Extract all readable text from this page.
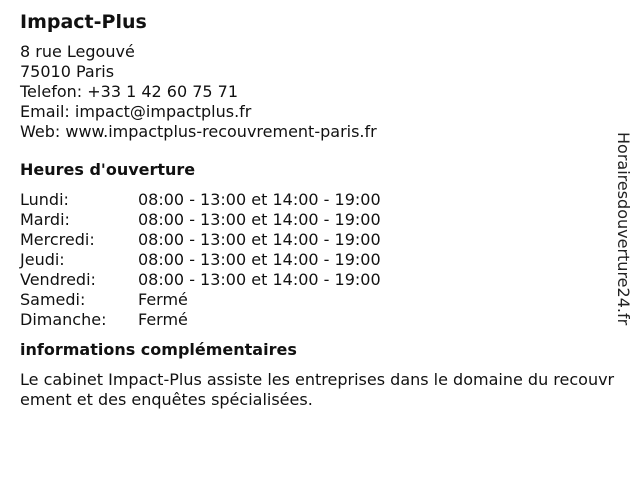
Impact-Plus
8 rue Legouvé
75010 Paris
Telefon: +33 1 42 60 75 71
Email: impact@impactplus.fr
Web: www.impactplus-recouvrement-paris.fr
Heures d'ouverture
Lundi:	08:00 - 13:00 et 14:00 - 19:00
Mardi:	08:00 - 13:00 et 14:00 - 19:00
Mercredi:	08:00 - 13:00 et 14:00 - 19:00
Jeudi:	08:00 - 13:00 et 14:00 - 19:00
Vendredi:	08:00 - 13:00 et 14:00 - 19:00
Samedi:	Fermé
Dimanche:	Fermé
informations complémentaires
Le cabinet Impact-Plus assiste les entreprises dans le domaine du recouvrement et des enquêtes spécialisées.
Horairesdouverture24.fr
